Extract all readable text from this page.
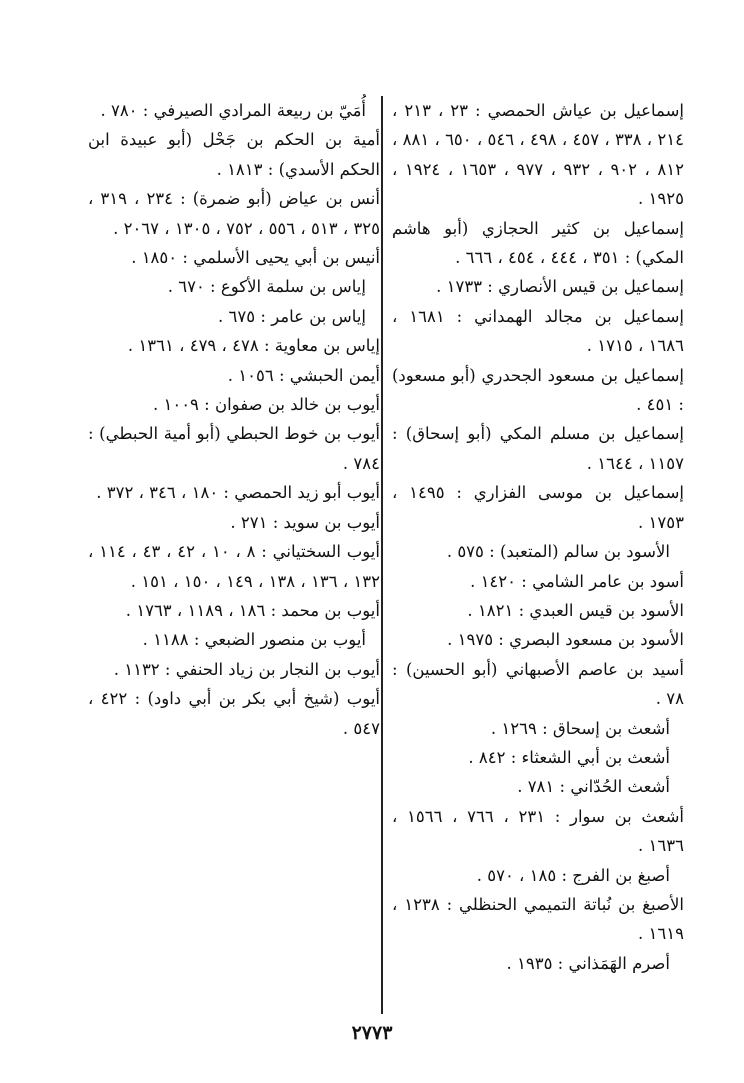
إسماعيل بن عياش الحمصي : ٢٣ ، ٢١٣ ، ٢١٤ ، ٣٣٨ ، ٤٥٧ ، ٤٩٨ ، ٥٤٦ ، ٦٥٠ ، ٨٨١ ، ٨١٢ ، ٩٠٢ ، ٩٣٢ ، ٩٧٧ ، ١٦٥٣ ، ١٩٢٤ ، ١٩٢٥ .

إسماعيل بن كثير الحجازي (أبو هاشم المكي) : ٣٥١ ، ٤٤٤ ، ٤٥٤ ، ٦٦٦ .

إسماعيل بن قيس الأنصاري : ١٧٣٣ .

إسماعيل بن مجالد الهمداني : ١٦٨١ ، ١٦٨٦ ، ١٧١٥ .

إسماعيل بن مسعود الجحدري (أبو مسعود) : ٤٥١ .

إسماعيل بن مسلم المكي (أبو إسحاق) : ١١٥٧ ، ١٦٤٤ .

إسماعيل بن موسى الفزاري : ١٤٩٥ ، ١٧٥٣ .

الأسود بن سالم (المتعبد) : ٥٧٥ .

أسود بن عامر الشامي : ١٤٢٠ .

الأسود بن قيس العبدي : ١٨٢١ .

الأسود بن مسعود البصري : ١٩٧٥ .

أسيد بن عاصم الأصبهاني (أبو الحسين) : ٧٨ .

أشعث بن إسحاق : ١٢٦٩ .

أشعث بن أبي الشعثاء : ٨٤٢ .

أشعث الحُدّاني : ٧٨١ .

أشعث بن سوار : ٢٣١ ، ٧٦٦ ، ١٥٦٦ ، ١٦٣٦ .

أصبغ بن الفرج : ١٨٥ ، ٥٧٠ .

الأصبغ بن نُباتة التميمي الحنظلي : ١٢٣٨ ، ١٦١٩ .

أصرم الهَمَذاني : ١٩٣٥ .

أُمَيّ بن ربيعة المرادي الصيرفي : ٧٨٠ .

أمية بن الحكم بن جَحْل (أبو عبيدة ابن الحكم الأسدي) : ١٨١٣ .

أنس بن عياض (أبو ضمرة) : ٢٣٤ ، ٣١٩ ، ٣٢٥ ، ٥١٣ ، ٥٥٦ ، ٧٥٢ ، ١٣٠٥ ، ٢٠٦٧ .

أنيس بن أبي يحيى الأسلمي : ١٨٥٠ .

إياس بن سلمة الأكوع : ٦٧٠ .

إياس بن عامر : ٦٧٥ .

إياس بن معاوية : ٤٧٨ ، ٤٧٩ ، ١٣٦١ .

أيمن الحبشي : ١٠٥٦ .

أيوب بن خالد بن صفوان : ١٠٠٩ .

أيوب بن خوط الحبطي (أبو أمية الحبطي) : ٧٨٤ .

أيوب أبو زيد الحمصي : ١٨٠ ، ٣٤٦ ، ٣٧٢ .

أيوب بن سويد : ٢٧١ .

أيوب السختياني : ٨ ، ١٠ ، ٤٢ ، ٤٣ ، ١١٤ ، ١٣٢ ، ١٣٦ ، ١٣٨ ، ١٤٩ ، ١٥٠ ، ١٥١ .

أيوب بن محمد : ١٨٦ ، ١١٨٩ ، ١٧٦٣ .

أيوب بن منصور الضبعي : ١١٨٨ .

أيوب بن النجار بن زياد الحنفي : ١١٣٢ .

أيوب (شيخ أبي بكر بن أبي داود) : ٤٢٢ ، ٥٤٧ .

٢٧٧٣
